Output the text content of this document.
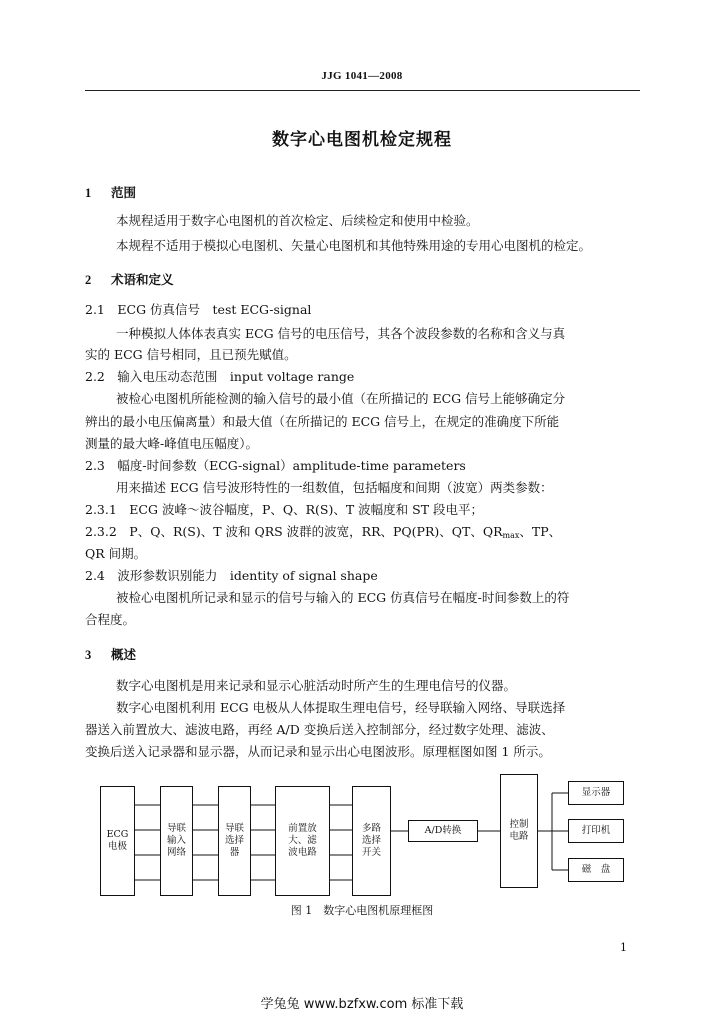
JJG 1041—2008
数字心电图机检定规程
1 范围
本规程适用于数字心电图机的首次检定、后续检定和使用中检验。
本规程不适用于模拟心电图机、矢量心电图机和其他特殊用途的专用心电图机的检定。
2 术语和定义
2.1　ECG 仿真信号　test ECG-signal
一种模拟人体体表真实 ECG 信号的电压信号，其各个波段参数的名称和含义与真
实的 ECG 信号相同，且已预先赋值。
2.2　输入电压动态范围　input voltage range
被检心电图机所能检测的输入信号的最小值（在所描记的 ECG 信号上能够确定分
辨出的最小电压偏离量）和最大值（在所描记的 ECG 信号上，在规定的准确度下所能
测量的最大峰-峰值电压幅度）。
2.3　幅度-时间参数（ECG-signal）amplitude-time parameters
用来描述 ECG 信号波形特性的一组数值，包括幅度和间期（波宽）两类参数：
2.3.1　ECG 波峰～波谷幅度，P、Q、R(S)、T 波幅度和 ST 段电平；
2.3.2　P、Q、R(S)、T 波和 QRS 波群的波宽，RR、PQ(PR)、QT、$QR_{max}$、TP、
QR 间期。
2.4　波形参数识别能力　identity of signal shape
被检心电图机所记录和显示的信号与输入的 ECG 仿真信号在幅度-时间参数上的符
合程度。
3 概述
数字心电图机是用来记录和显示心脏活动时所产生的生理电信号的仪器。
数字心电图机利用 ECG 电极从人体提取生理电信号，经导联输入网络、导联选择
器送入前置放大、滤波电路，再经 A/D 变换后送入控制部分，经过数字处理、滤波、
变换后送入记录器和显示器，从而记录和显示出心电图波形。原理框图如图 1 所示。
ECG
电极
导联
输入
网络
导联
选择
器
前置放
大、滤
波电路
多路
选择
开关
A/D转换
控制
电路
显示器
打印机
磁　盘
图 1　数字心电图机原理框图
1
学兔兔 www.bzfxw.com 标准下载
